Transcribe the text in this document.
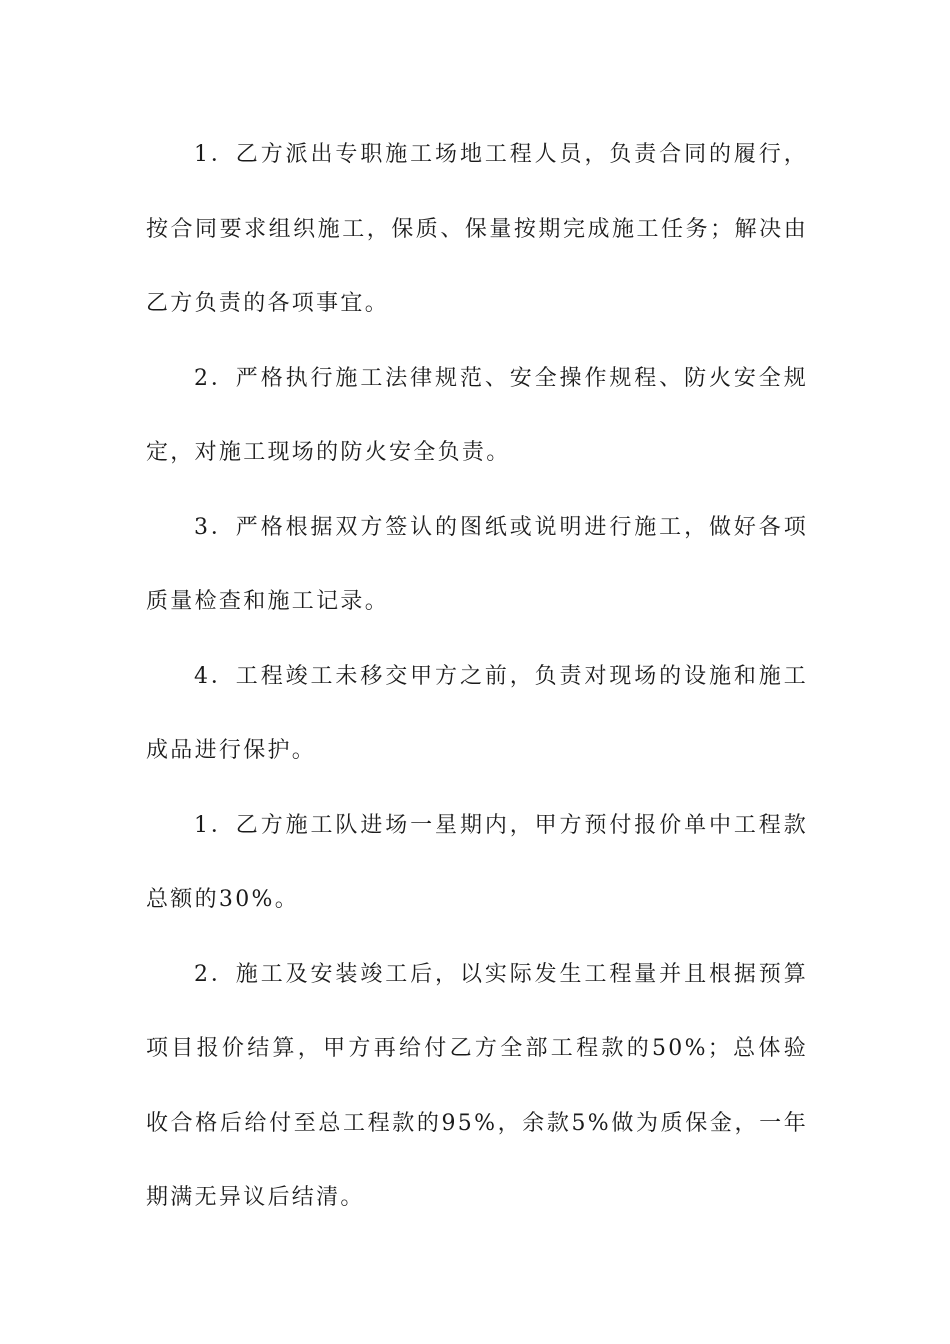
1．乙方派出专职施工场地工程人员，负责合同的履行，按合同要求组织施工，保质、保量按期完成施工任务；解决由乙方负责的各项事宜。

2．严格执行施工法律规范、安全操作规程、防火安全规定，对施工现场的防火安全负责。

3．严格根据双方签认的图纸或说明进行施工，做好各项质量检查和施工记录。

4．工程竣工未移交甲方之前，负责对现场的设施和施工成品进行保护。

1．乙方施工队进场一星期内，甲方预付报价单中工程款总额的30%。

2．施工及安装竣工后，以实际发生工程量并且根据预算项目报价结算，甲方再给付乙方全部工程款的50%；总体验收合格后给付至总工程款的95%，余款5%做为质保金，一年期满无异议后结清。
